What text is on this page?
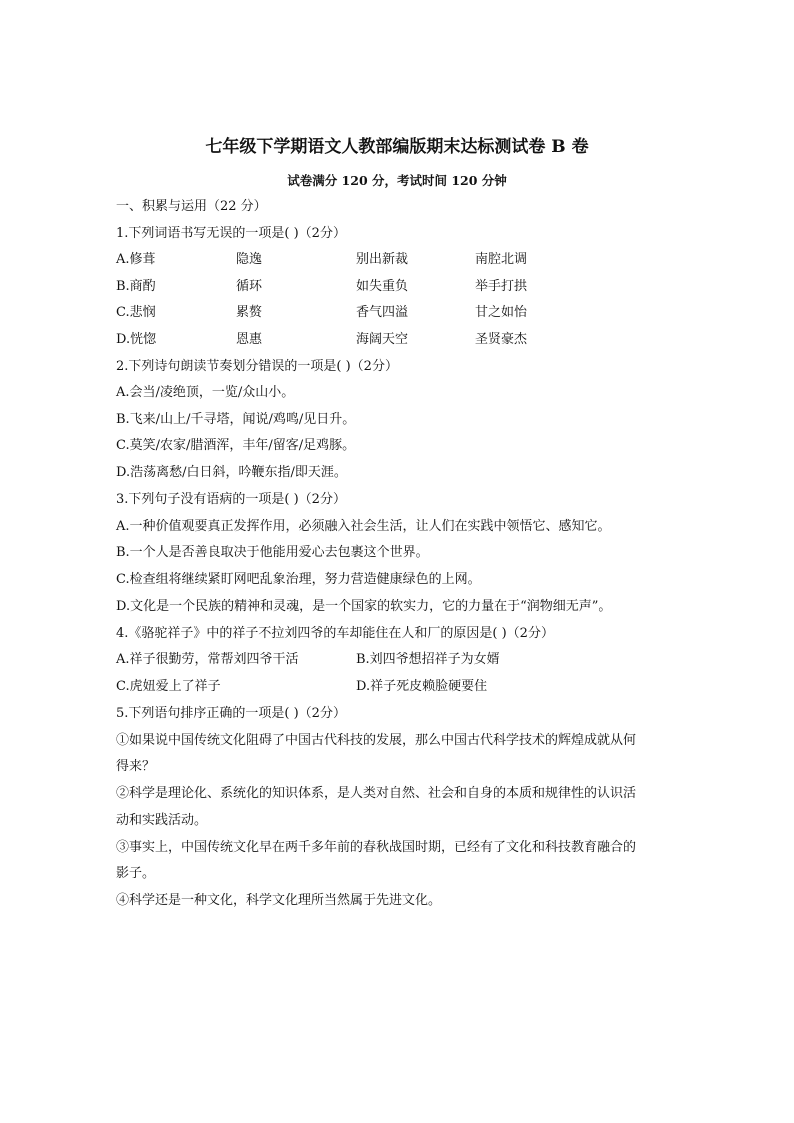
七年级下学期语文人教部编版期末达标测试卷 B 卷
试卷满分 120 分，考试时间 120 分钟
一、积累与运用（22 分）
1.下列词语书写无误的一项是( )（2分）
A.修葺	隐逸	别出新裁	南腔北调
B.商酌	循环	如失重负	举手打拱
C.悲悯	累赘	香气四溢	甘之如怡
D.恍惚	恩惠	海阔天空	圣贤豪杰
2.下列诗句朗读节奏划分错误的一项是( )（2分）
A.会当/凌绝顶，一览/众山小。
B.飞来/山上/千寻塔，闻说/鸡鸣/见日升。
C.莫笑/农家/腊酒浑，丰年/留客/足鸡豚。
D.浩荡离愁/白日斜，吟鞭东指/即天涯。
3.下列句子没有语病的一项是( )（2分）
A.一种价值观要真正发挥作用，必须融入社会生活，让人们在实践中领悟它、感知它。
B.一个人是否善良取决于他能用爱心去包裹这个世界。
C.检查组将继续紧盯网吧乱象治理，努力营造健康绿色的上网。
D.文化是一个民族的精神和灵魂，是一个国家的软实力，它的力量在于“润物细无声”。
4.《骆驼祥子》中的祥子不拉刘四爷的车却能住在人和厂的原因是( )（2分）
A.祥子很勤劳，常帮刘四爷干活	B.刘四爷想招祥子为女婿
C.虎妞爱上了祥子	D.祥子死皮赖脸硬要住
5.下列语句排序正确的一项是( )（2分）
①如果说中国传统文化阻碍了中国古代科技的发展，那么中国古代科学技术的辉煌成就从何
得来？
②科学是理论化、系统化的知识体系，是人类对自然、社会和自身的本质和规律性的认识活
动和实践活动。
③事实上，中国传统文化早在两千多年前的春秋战国时期，已经有了文化和科技教育融合的
影子。
④科学还是一种文化，科学文化理所当然属于先进文化。
